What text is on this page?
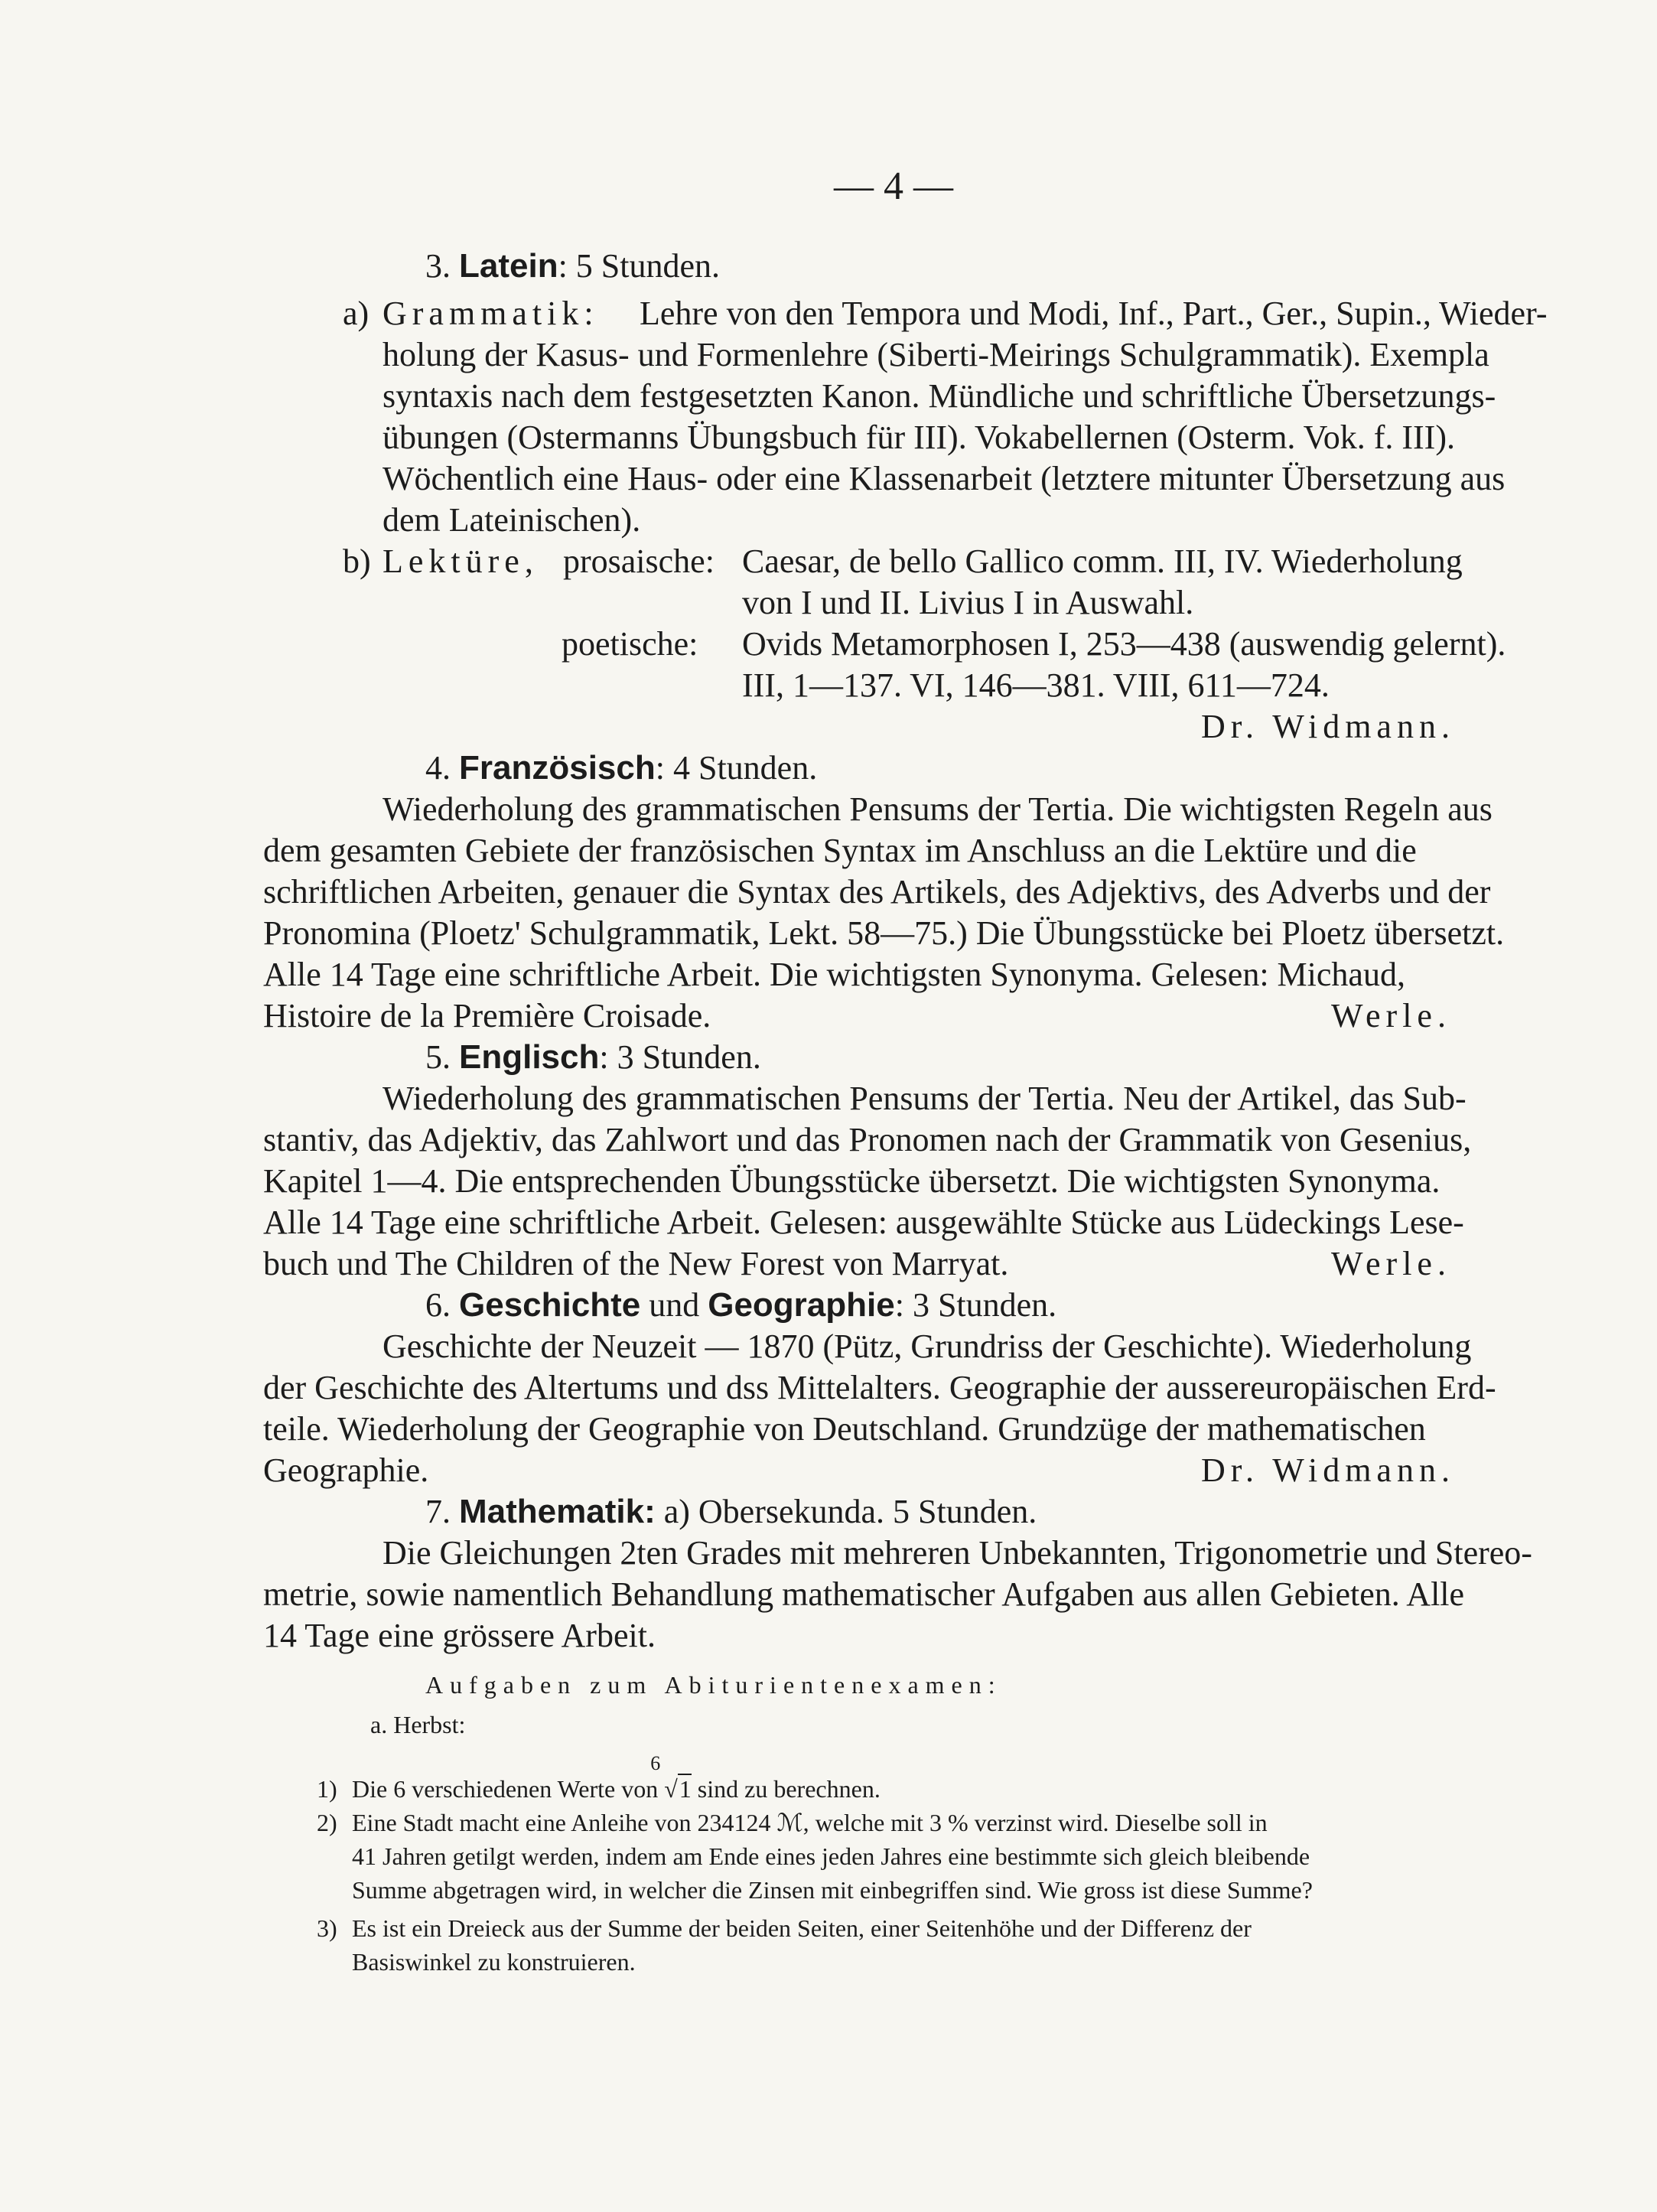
— 4 —
3. Latein: 5 Stunden.
a) Grammatik: Lehre von den Tempora und Modi, Inf., Part., Ger., Supin., Wieder-
holung der Kasus- und Formenlehre (Siberti-Meirings Schulgrammatik). Exempla
syntaxis nach dem festgesetzten Kanon. Mündliche und schriftliche Übersetzungs-
übungen (Ostermanns Übungsbuch für III). Vokabellernen (Osterm. Vok. f. III).
Wöchentlich eine Haus- oder eine Klassenarbeit (letztere mitunter Übersetzung aus
dem Lateinischen).
b) Lektüre, prosaische: Caesar, de bello Gallico comm. III, IV. Wiederholung
von I und II. Livius I in Auswahl.
poetische: Ovids Metamorphosen I, 253—438 (auswendig gelernt).
III, 1—137. VI, 146—381. VIII, 611—724.
Dr. Widmann.
4. Französisch: 4 Stunden.
Wiederholung des grammatischen Pensums der Tertia. Die wichtigsten Regeln aus
dem gesamten Gebiete der französischen Syntax im Anschluss an die Lektüre und die
schriftlichen Arbeiten, genauer die Syntax des Artikels, des Adjektivs, des Adverbs und der
Pronomina (Ploetz' Schulgrammatik, Lekt. 58—75.) Die Übungsstücke bei Ploetz übersetzt.
Alle 14 Tage eine schriftliche Arbeit. Die wichtigsten Synonyma. Gelesen: Michaud,
Histoire de la Première Croisade.	Werle.
5. Englisch: 3 Stunden.
Wiederholung des grammatischen Pensums der Tertia. Neu der Artikel, das Sub-
stantiv, das Adjektiv, das Zahlwort und das Pronomen nach der Grammatik von Gesenius,
Kapitel 1—4. Die entsprechenden Übungsstücke übersetzt. Die wichtigsten Synonyma.
Alle 14 Tage eine schriftliche Arbeit. Gelesen: ausgewählte Stücke aus Lüdeckings Lese-
buch und The Children of the New Forest von Marryat.	Werle.
6. Geschichte und Geographie: 3 Stunden.
Geschichte der Neuzeit — 1870 (Pütz, Grundriss der Geschichte). Wiederholung
der Geschichte des Altertums und dss Mittelalters. Geographie der aussereuropäischen Erd-
teile. Wiederholung der Geographie von Deutschland. Grundzüge der mathematischen
Geographie.	Dr. Widmann.
7. Mathematik: a) Obersekunda. 5 Stunden.
Die Gleichungen 2ten Grades mit mehreren Unbekannten, Trigonometrie und Stereo-
metrie, sowie namentlich Behandlung mathematischer Aufgaben aus allen Gebieten. Alle
14 Tage eine grössere Arbeit.
Aufgaben zum Abiturientenexamen:
a. Herbst:
1) Die 6 verschiedenen Werte von
6
√1 sind zu berechnen.
2) Eine Stadt macht eine Anleihe von 234124 ℳ, welche mit 3 % verzinst wird. Dieselbe soll in
41 Jahren getilgt werden, indem am Ende eines jeden Jahres eine bestimmte sich gleich bleibende
Summe abgetragen wird, in welcher die Zinsen mit einbegriffen sind. Wie gross ist diese Summe?
3) Es ist ein Dreieck aus der Summe der beiden Seiten, einer Seitenhöhe und der Differenz der
Basiswinkel zu konstruieren.
